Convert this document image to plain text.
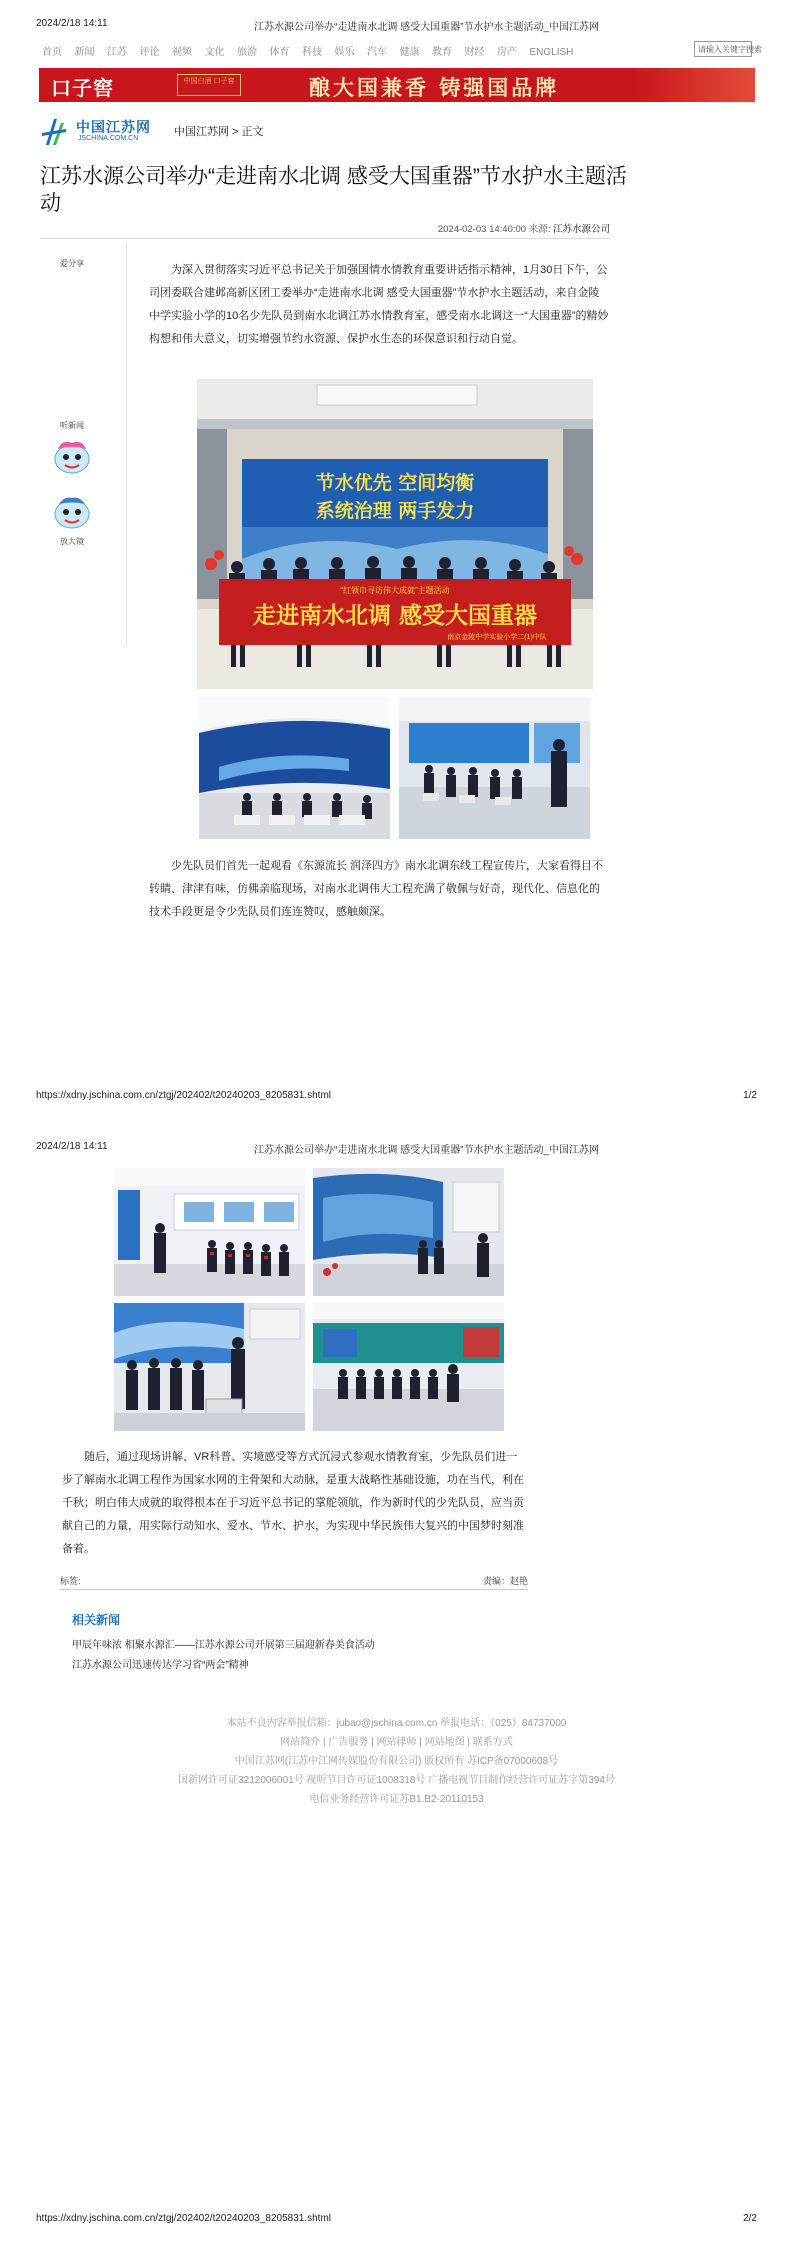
2024/2/18 14:11	江苏水源公司举办“走进南水北调 感受大国重器”节水护水主题活动_中国江苏网
首页 新闻 江苏 评论 视频 文化 旅游 体育 科技 娱乐 汽车 健康 教育 财经 房产 ENGLISH	请输入关键字搜索
口子窖	中国白酒 口子窖	酿大国兼香 铸强国品牌
中国江苏网
JSCHINA.COM.CN
中国江苏网 > 正文
江苏水源公司举办“走进南水北调 感受大国重器”节水护水主题活动
2024-02-03 14:40:00 来源: 江苏水源公司
爱分享
听新闻
放大镜

为深入贯彻落实习近平总书记关于加强国情水情教育重要讲话指示精神，1月30日下午，公司团委联合建邺高新区团工委举办“走进南水北调 感受大国重器”节水护水主题活动，来自金陵中学实验小学的10名少先队员到南水北调江苏水情教育室，感受南水北调这一“大国重器”的精妙构想和伟大意义，切实增强节约水资源、保护水生态的环保意识和行动自觉。

节水优先 空间均衡
系统治理 两手发力
“红领巾寻访伟大成就”主题活动
走进南水北调 感受大国重器
南京金陵中学实验小学二(1)中队

少先队员们首先一起观看《东源流长 润泽四方》南水北调东线工程宣传片，大家看得目不转睛、津津有味，仿佛亲临现场，对南水北调伟大工程充满了敬佩与好奇，现代化、信息化的技术手段更是令少先队员们连连赞叹，感触颇深。

https://xdny.jschina.com.cn/ztgj/202402/t20240203_8205831.shtml	1/2
2024/2/18 14:11	江苏水源公司举办“走进南水北调 感受大国重器”节水护水主题活动_中国江苏网

随后，通过现场讲解、VR科普、实境感受等方式沉浸式参观水情教育室，少先队员们进一步了解南水北调工程作为国家水网的主骨架和大动脉，是重大战略性基础设施，功在当代，利在千秋；明白伟大成就的取得根本在于习近平总书记的掌舵领航，作为新时代的少先队员，应当贡献自己的力量，用实际行动知水、爱水、节水、护水，为实现中华民族伟大复兴的中国梦时刻准备着。

标签:	责编：赵艳
相关新闻
甲辰年味浓 相聚水源汇——江苏水源公司开展第三届迎新春美食活动
江苏水源公司迅速传达学习省“两会”精神
本站不良内容举报信箱：jubao@jschina.com.cn 举报电话：（025）84737000
网站简介 | 广告服务 | 网站律师 | 网站地图 | 联系方式
中国江苏网(江苏中江网传媒股份有限公司) 版权所有 苏ICP备07000608号
国新网许可证3212006001号 视听节目许可证1008318号 广播电视节目制作经营许可证苏字第394号
电信业务经营许可证苏B1.B2-20110153
https://xdny.jschina.com.cn/ztgj/202402/t20240203_8205831.shtml	2/2
